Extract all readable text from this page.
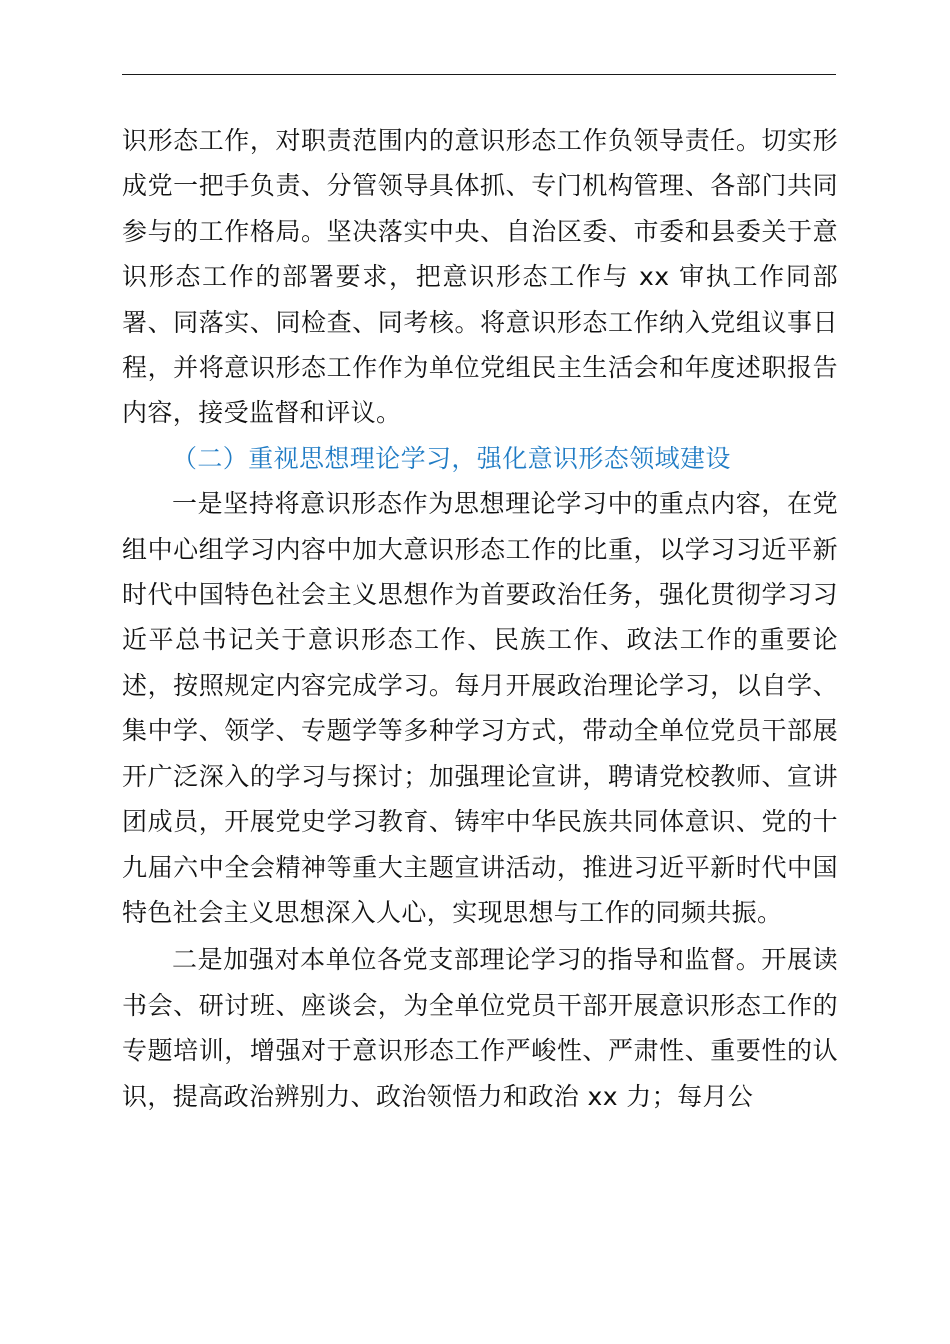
识形态工作，对职责范围内的意识形态工作负领导责任。切实形成党一把手负责、分管领导具体抓、专门机构管理、各部门共同参与的工作格局。坚决落实中央、自治区委、市委和县委关于意识形态工作的部署要求，把意识形态工作与 xx 审执工作同部署、同落实、同检查、同考核。将意识形态工作纳入党组议事日程，并将意识形态工作作为单位党组民主生活会和年度述职报告内容，接受监督和评议。

（二）重视思想理论学习，强化意识形态领域建设

一是坚持将意识形态作为思想理论学习中的重点内容，在党组中心组学习内容中加大意识形态工作的比重，以学习习近平新时代中国特色社会主义思想作为首要政治任务，强化贯彻学习习近平总书记关于意识形态工作、民族工作、政法工作的重要论述，按照规定内容完成学习。每月开展政治理论学习，以自学、集中学、领学、专题学等多种学习方式，带动全单位党员干部展开广泛深入的学习与探讨；加强理论宣讲，聘请党校教师、宣讲团成员，开展党史学习教育、铸牢中华民族共同体意识、党的十九届六中全会精神等重大主题宣讲活动，推进习近平新时代中国特色社会主义思想深入人心，实现思想与工作的同频共振。

二是加强对本单位各党支部理论学习的指导和监督。开展读书会、研讨班、座谈会，为全单位党员干部开展意识形态工作的专题培训，增强对于意识形态工作严峻性、严肃性、重要性的认识，提高政治辨别力、政治领悟力和政治 xx 力；每月公
